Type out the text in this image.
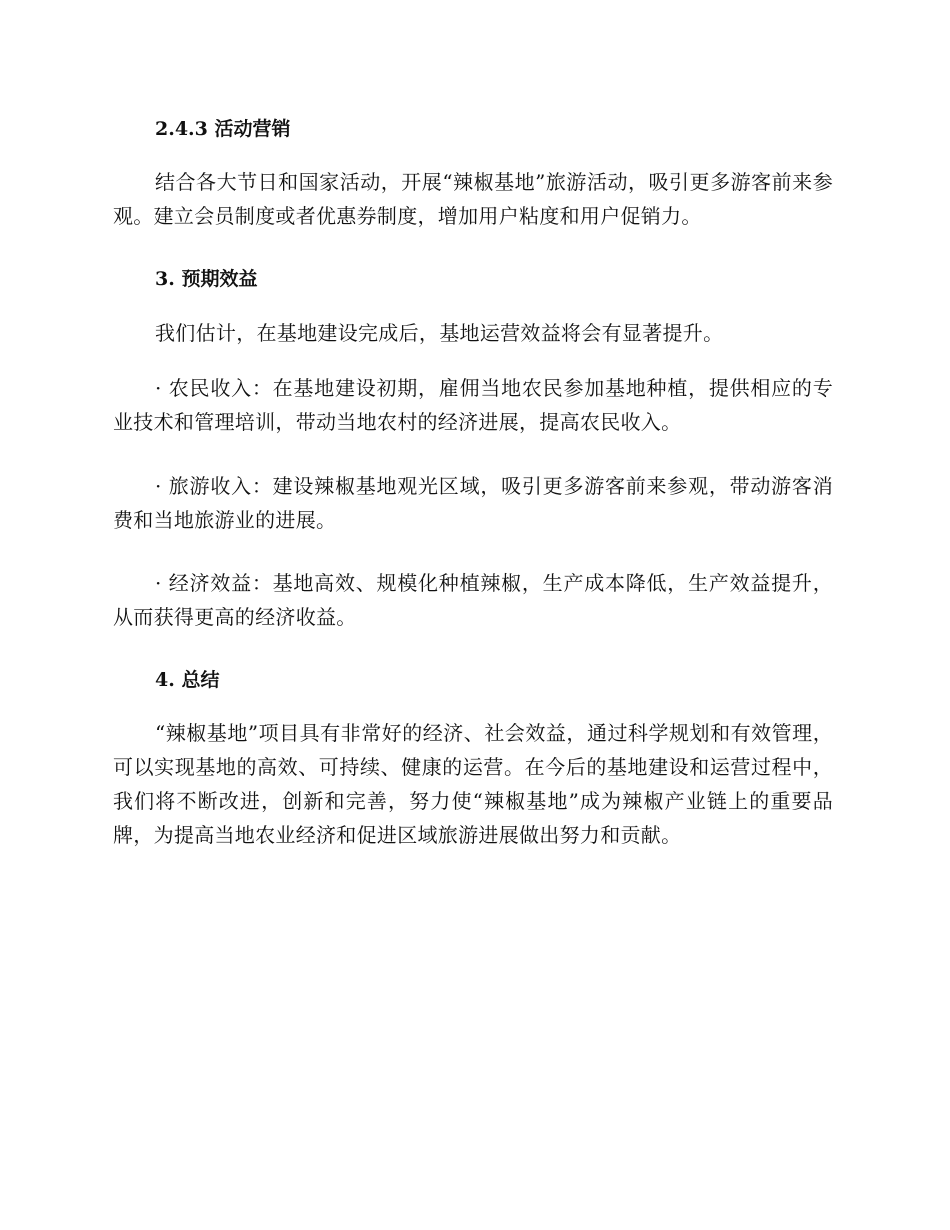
2.4.3 活动营销

结合各大节日和国家活动，开展“辣椒基地”旅游活动，吸引更多游客前来参观。建立会员制度或者优惠券制度，增加用户粘度和用户促销力。

3. 预期效益

我们估计，在基地建设完成后，基地运营效益将会有显著提升。

· 农民收入：在基地建设初期，雇佣当地农民参加基地种植，提供相应的专业技术和管理培训，带动当地农村的经济进展，提高农民收入。

· 旅游收入：建设辣椒基地观光区域，吸引更多游客前来参观，带动游客消费和当地旅游业的进展。

· 经济效益：基地高效、规模化种植辣椒，生产成本降低，生产效益提升，从而获得更高的经济收益。

4. 总结

“辣椒基地”项目具有非常好的经济、社会效益，通过科学规划和有效管理，可以实现基地的高效、可持续、健康的运营。在今后的基地建设和运营过程中，我们将不断改进，创新和完善，努力使“辣椒基地”成为辣椒产业链上的重要品牌，为提高当地农业经济和促进区域旅游进展做出努力和贡献。
